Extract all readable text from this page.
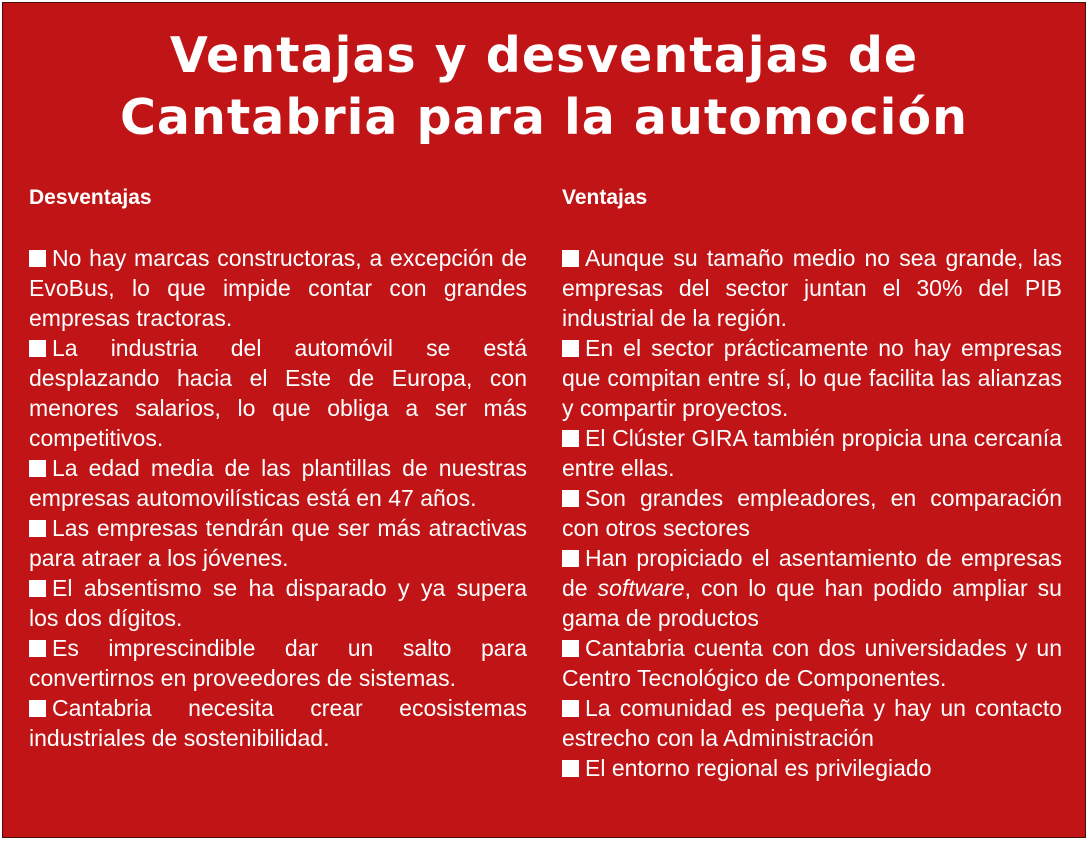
Ventajas y desventajas de
Cantabria para la automoción
Desventajas

No hay marcas constructoras, a excepción de EvoBus, lo que impide contar con grandes empresas tractoras.

La industria del automóvil se está desplazando hacia el Este de Europa, con menores salarios, lo que obliga a ser más competitivos.

La edad media de las plantillas de nuestras empresas automovilísticas está en 47 años.

Las empresas tendrán que ser más atractivas para atraer a los jóvenes.

El absentismo se ha disparado y ya supera los dos dígitos.

Es imprescindible dar un salto para convertirnos en proveedores de sistemas.

Cantabria necesita crear ecosistemas industriales de sostenibilidad.

Ventajas

Aunque su tamaño medio no sea grande, las empresas del sector juntan el 30% del PIB industrial de la región.

En el sector prácticamente no hay empresas que compitan entre sí, lo que facilita las alianzas y compartir proyectos.

El Clúster GIRA también propicia una cercanía entre ellas.

Son grandes empleadores, en comparación con otros sectores

Han propiciado el asentamiento de empresas de software, con lo que han podido ampliar su gama de productos

Cantabria cuenta con dos universidades y un Centro Tecnológico de Componentes.

La comunidad es pequeña y hay un contacto estrecho con la Administración

El entorno regional es privilegiado
